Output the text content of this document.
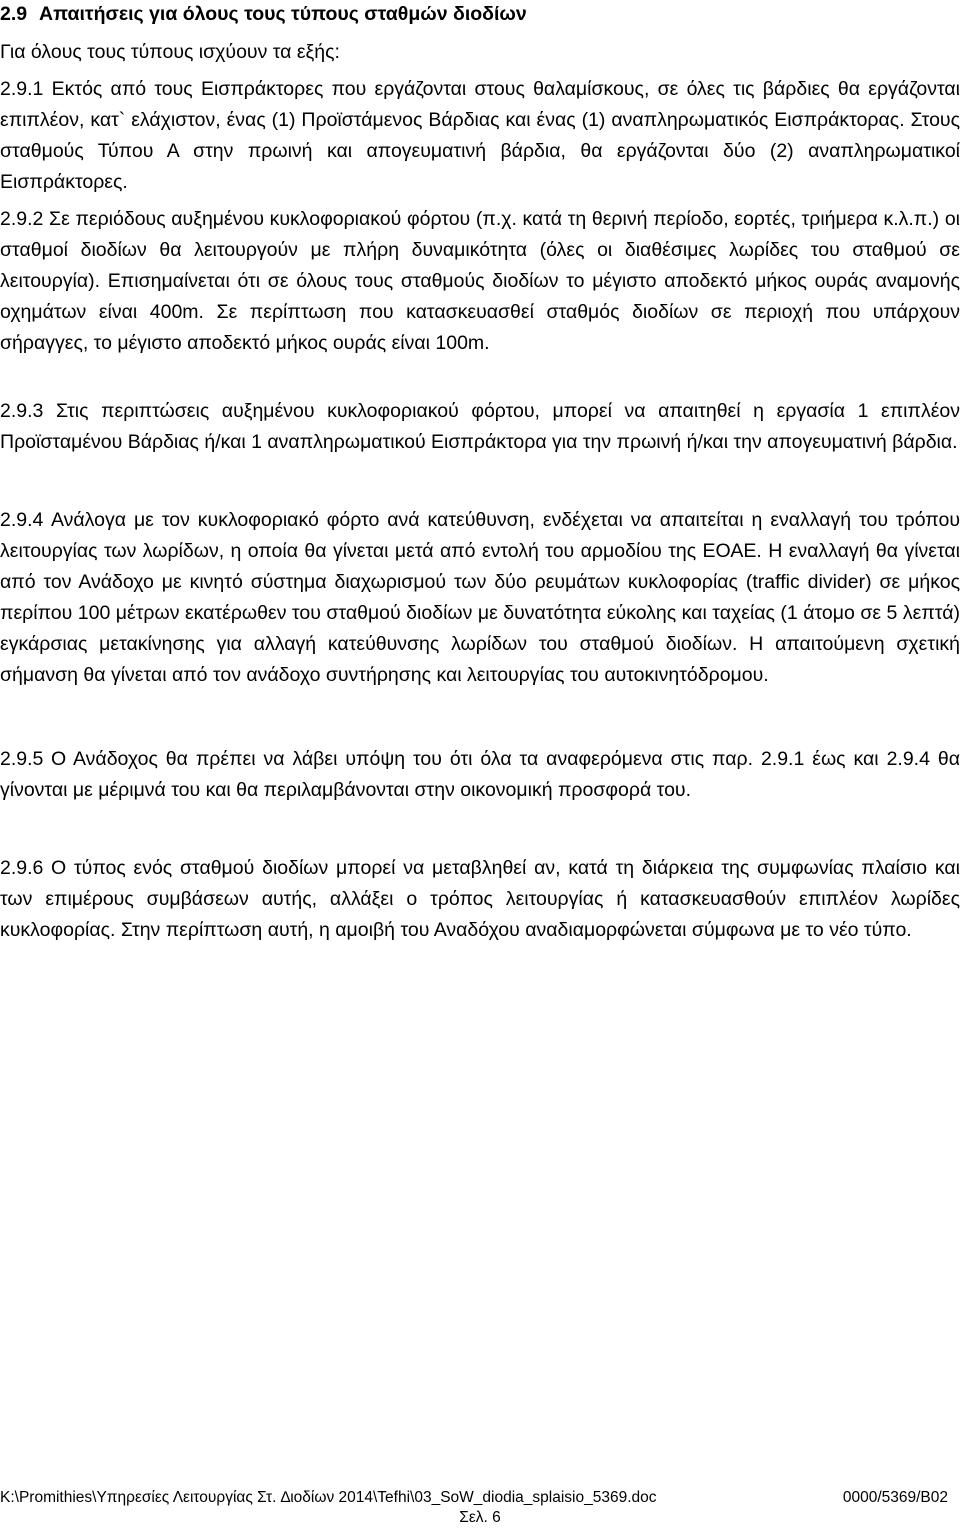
2.9 Απαιτήσεις για όλους τους τύπους σταθμών διοδίων
Για όλους τους τύπους ισχύουν τα εξής:
2.9.1 Εκτός από τους Εισπράκτορες που εργάζονται στους θαλαμίσκους, σε όλες τις βάρδιες θα εργάζονται επιπλέον, κατ` ελάχιστον, ένας (1) Προϊστάμενος Βάρδιας και ένας (1) αναπληρωματικός Εισπράκτορας. Στους σταθμούς Τύπου Α στην πρωινή και απογευματινή βάρδια, θα εργάζονται δύο (2) αναπληρωματικοί Εισπράκτορες.
2.9.2 Σε περιόδους αυξημένου κυκλοφοριακού φόρτου (π.χ. κατά τη θερινή περίοδο, εορτές, τριήμερα κ.λ.π.) οι σταθμοί διοδίων θα λειτουργούν με πλήρη δυναμικότητα (όλες οι διαθέσιμες λωρίδες του σταθμού σε λειτουργία). Επισημαίνεται ότι σε όλους τους σταθμούς διοδίων το μέγιστο αποδεκτό μήκος ουράς αναμονής οχημάτων είναι 400m. Σε περίπτωση που κατασκευασθεί σταθμός διοδίων σε περιοχή που υπάρχουν σήραγγες, το μέγιστο αποδεκτό μήκος ουράς είναι 100m.
2.9.3 Στις περιπτώσεις αυξημένου κυκλοφοριακού φόρτου, μπορεί να απαιτηθεί η εργασία 1 επιπλέον Προϊσταμένου Βάρδιας ή/και 1 αναπληρωματικού Εισπράκτορα για την πρωινή ή/και την απογευματινή βάρδια.
2.9.4 Ανάλογα με τον κυκλοφοριακό φόρτο ανά κατεύθυνση, ενδέχεται να απαιτείται η εναλλαγή του τρόπου λειτουργίας των λωρίδων, η οποία θα γίνεται μετά από εντολή του αρμοδίου της ΕΟΑΕ. Η εναλλαγή θα γίνεται από τον Ανάδοχο με κινητό σύστημα διαχωρισμού των δύο ρευμάτων κυκλοφορίας (traffic divider) σε μήκος περίπου 100 μέτρων εκατέρωθεν του σταθμού διοδίων με δυνατότητα εύκολης και ταχείας (1 άτομο σε 5 λεπτά) εγκάρσιας μετακίνησης για αλλαγή κατεύθυνσης λωρίδων του σταθμού διοδίων. Η απαιτούμενη σχετική σήμανση θα γίνεται από τον ανάδοχο συντήρησης και λειτουργίας του αυτοκινητόδρομου.
2.9.5 Ο Ανάδοχος θα πρέπει να λάβει υπόψη του ότι όλα τα αναφερόμενα στις παρ. 2.9.1 έως και 2.9.4 θα γίνονται με μέριμνά του και θα περιλαμβάνονται στην οικονομική προσφορά του.
2.9.6 Ο τύπος ενός σταθμού διοδίων μπορεί να μεταβληθεί αν, κατά τη διάρκεια της συμφωνίας πλαίσιο και των επιμέρους συμβάσεων αυτής, αλλάξει ο τρόπος λειτουργίας ή κατασκευασθούν επιπλέον λωρίδες κυκλοφορίας. Στην περίπτωση αυτή, η αμοιβή του Αναδόχου αναδιαμορφώνεται σύμφωνα με το νέο τύπο.
K:\Promithies\Υπηρεσίες Λειτουργίας Στ. ∆ιοδίων 2014\Tefhi\03_SoW_diodia_splaisio_5369.doc	0000/5369/Β02
Σελ. 6
